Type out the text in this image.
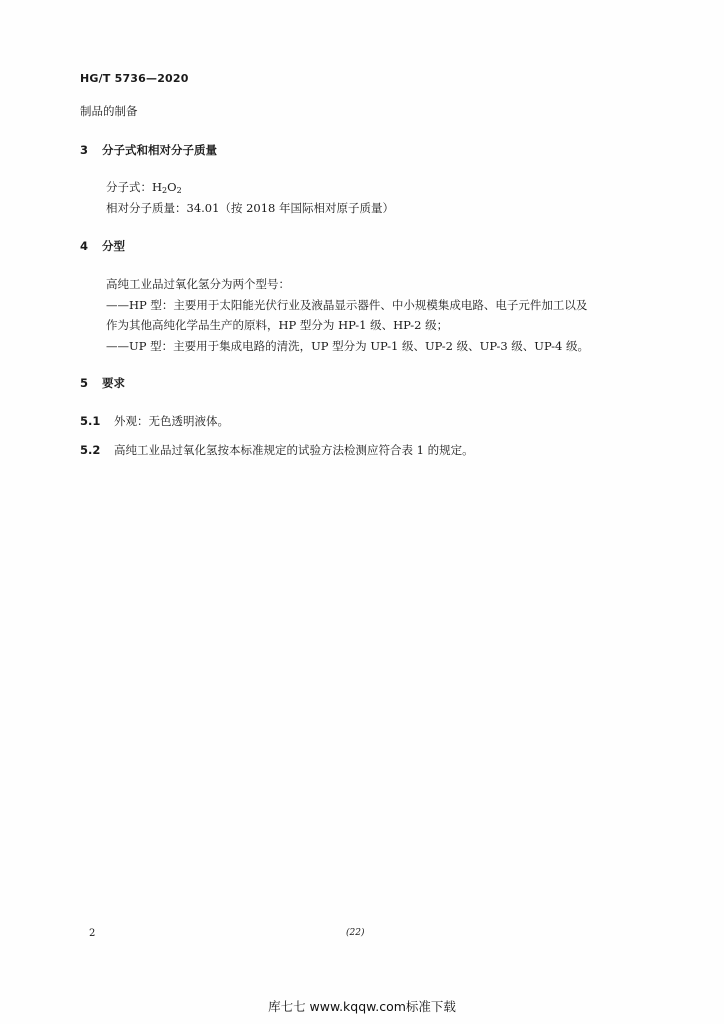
HG/T 5736—2020
制品的制备
3 分子式和相对分子质量
分子式：$H_2O_2$
相对分子质量：34.01（按 2018 年国际相对原子质量）
4 分型
高纯工业品过氧化氢分为两个型号：
——HP 型：主要用于太阳能光伏行业及液晶显示器件、中小规模集成电路、电子元件加工以及
作为其他高纯化学品生产的原料，HP 型分为 HP-1 级、HP-2 级；
——UP 型：主要用于集成电路的清洗，UP 型分为 UP-1 级、UP-2 级、UP-3 级、UP-4 级。
5 要求
5.1 外观：无色透明液体。
5.2 高纯工业品过氧化氢按本标准规定的试验方法检测应符合表 1 的规定。
2	(22)
库七七 www.kqqw.com标准下载
